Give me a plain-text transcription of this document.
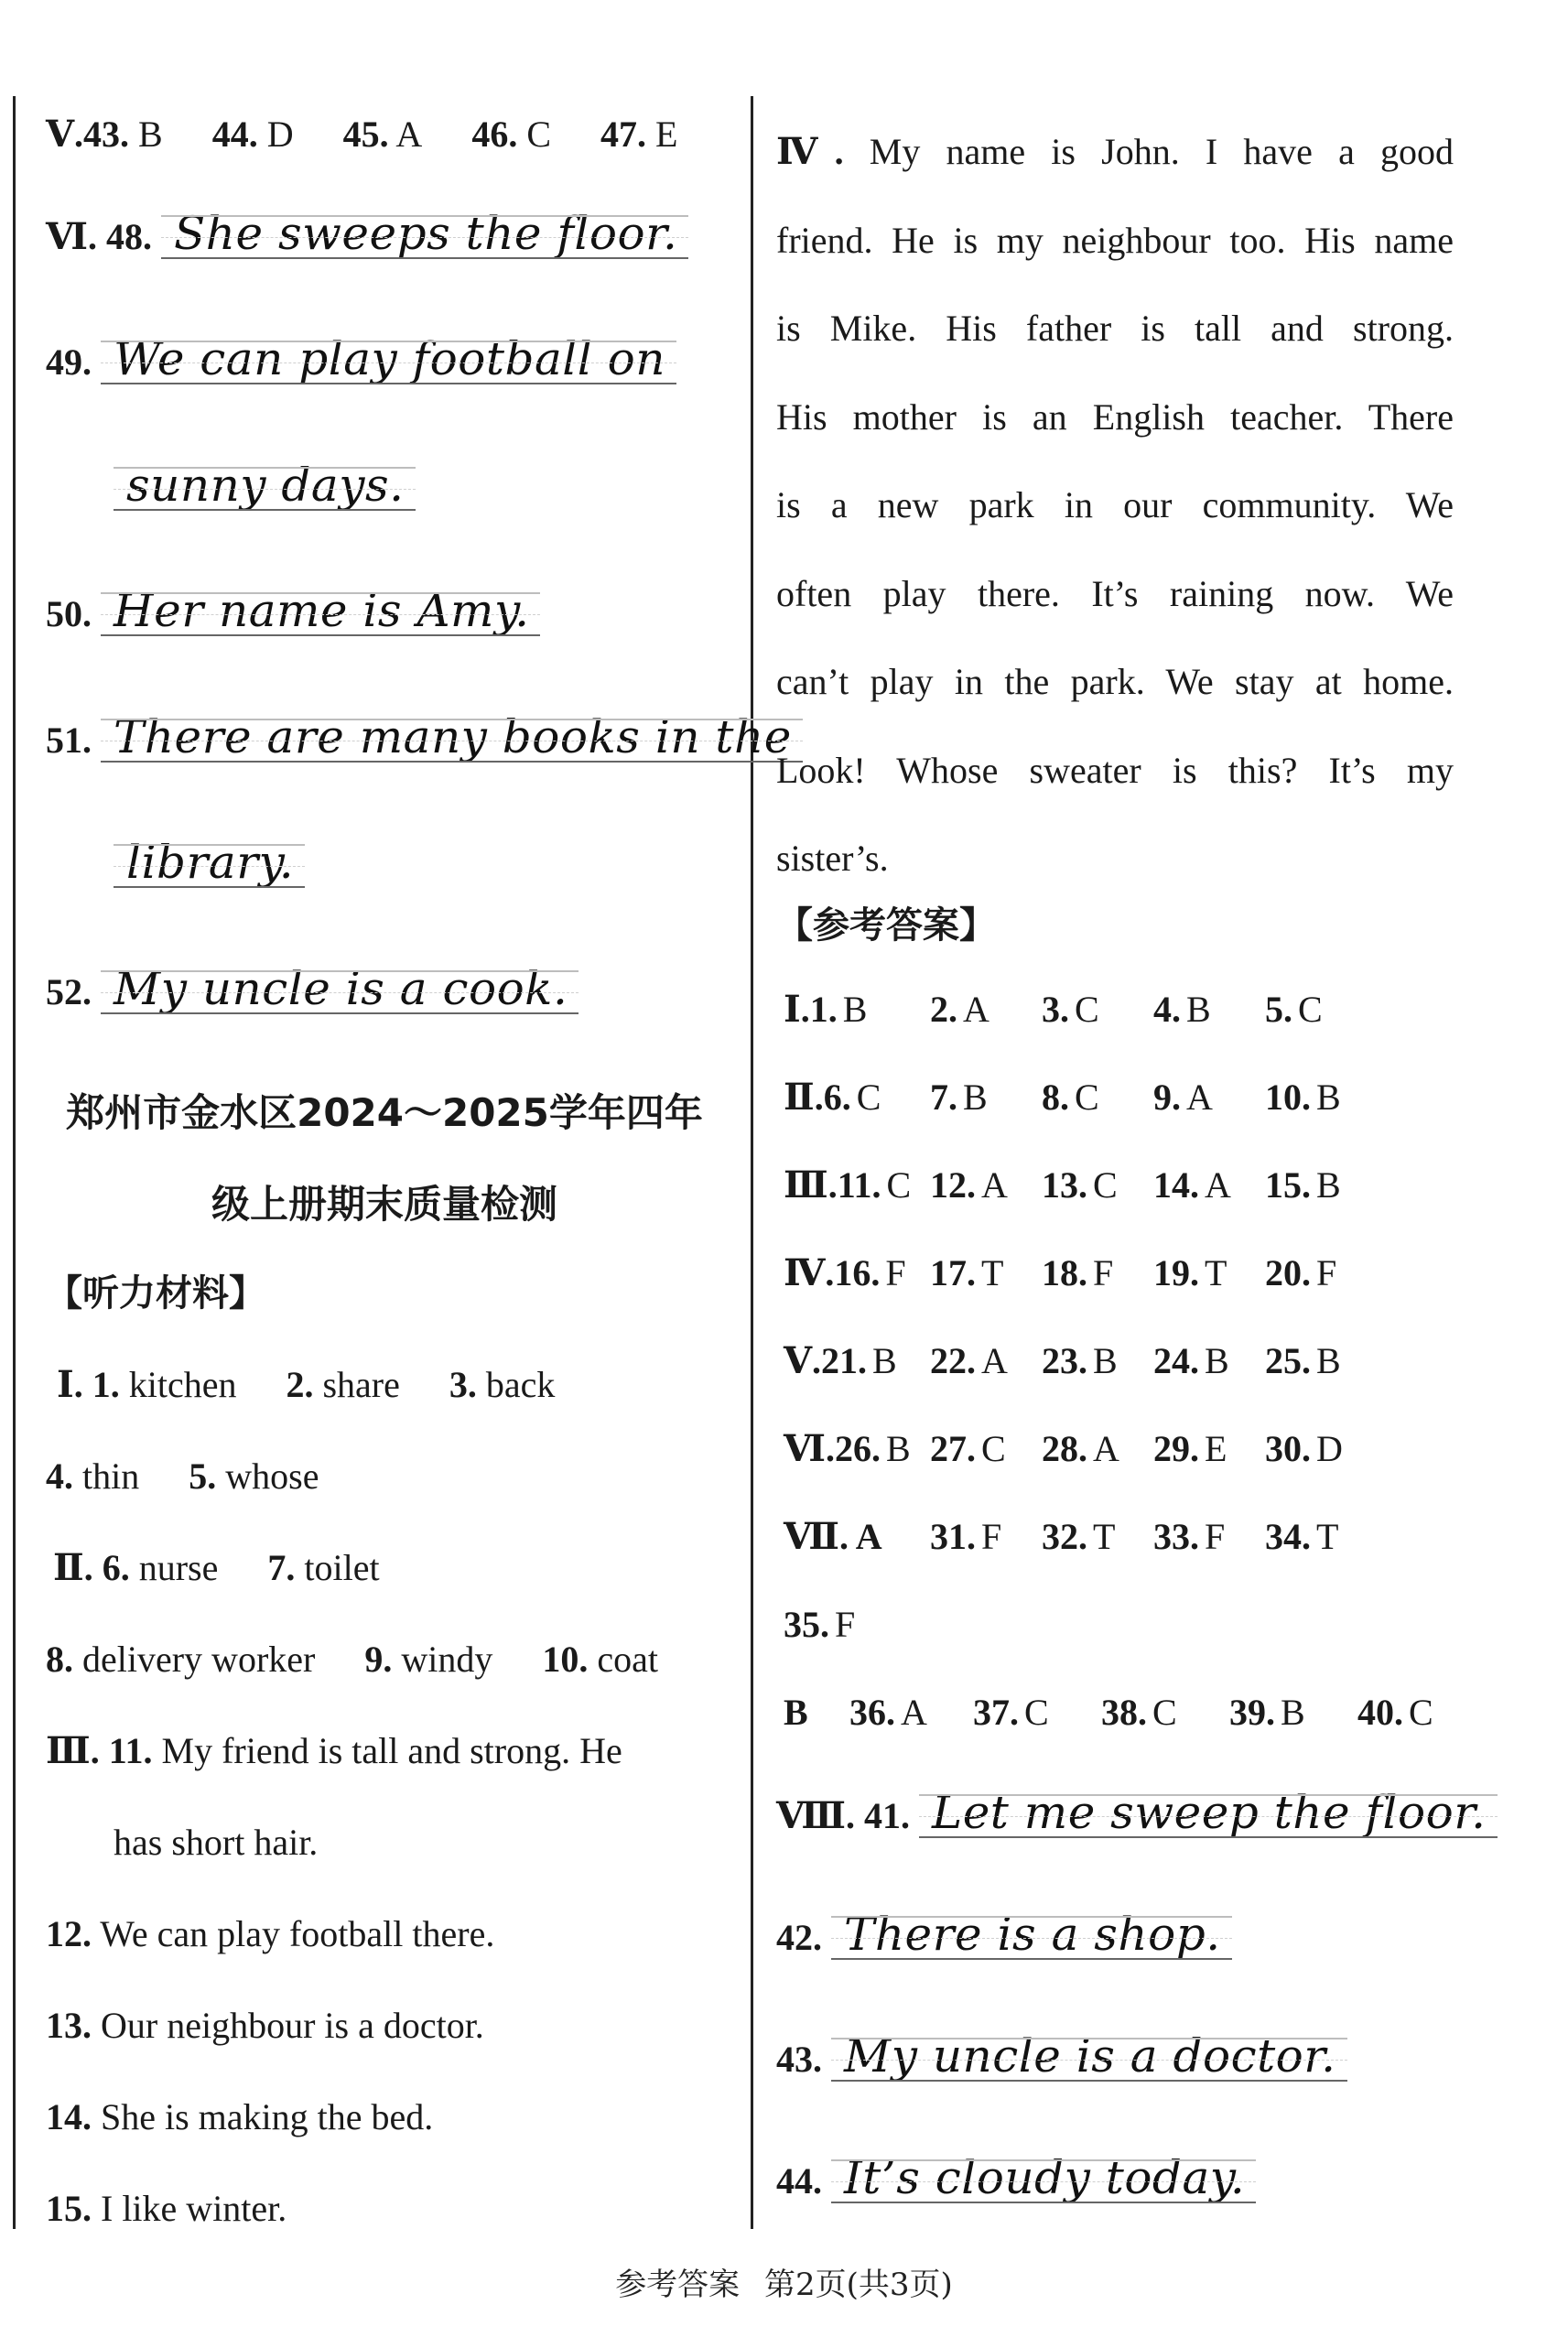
Ⅴ.43. B 44. D 45. A 46. C 47. E
Ⅵ. 48. She sweeps the floor.
49. We can play football on
sunny days.
50. Her name is Amy.
51. There are many books in the
library.
52. My uncle is a cook.
郑州市金水区2024～2025学年四年
级上册期末质量检测
【听力材料】
Ⅰ. 1. kitchen 2. share 3. back
4. thin 5. whose
Ⅱ. 6. nurse 7. toilet
8. delivery worker 9. windy 10. coat
Ⅲ. 11. My friend is tall and strong. He
has short hair.
12. We can play football there.
13. Our neighbour is a doctor.
14. She is making the bed.
15. I like winter.
Ⅳ. My name is John. I have a good
friend. He is my neighbour too. His name
is Mike. His father is tall and strong.
His mother is an English teacher. There
is a new park in our community. We
often play there. It’s raining now. We
can’t play in the park. We stay at home.
Look! Whose sweater is this? It’s my
sister’s.
【参考答案】
Ⅰ.1. B 2. A 3. C 4. B 5. C
Ⅱ.6. C 7. B 8. C 9. A 10. B
Ⅲ.11. C 12. A 13. C 14. A 15. B
Ⅳ.16. F 17. T 18. F 19. T 20. F
Ⅴ.21. B 22. A 23. B 24. B 25. B
Ⅵ.26. B 27. C 28. A 29. E 30. D
Ⅶ. A 31. F 32. T 33. F 34. T
35. F
B 36. A 37. C 38. C 39. B 40. C
Ⅷ. 41. Let me sweep the floor.
42. There is a shop.
43. My uncle is a doctor.
44. It’s cloudy today.
参考答案 第2页(共3页)
